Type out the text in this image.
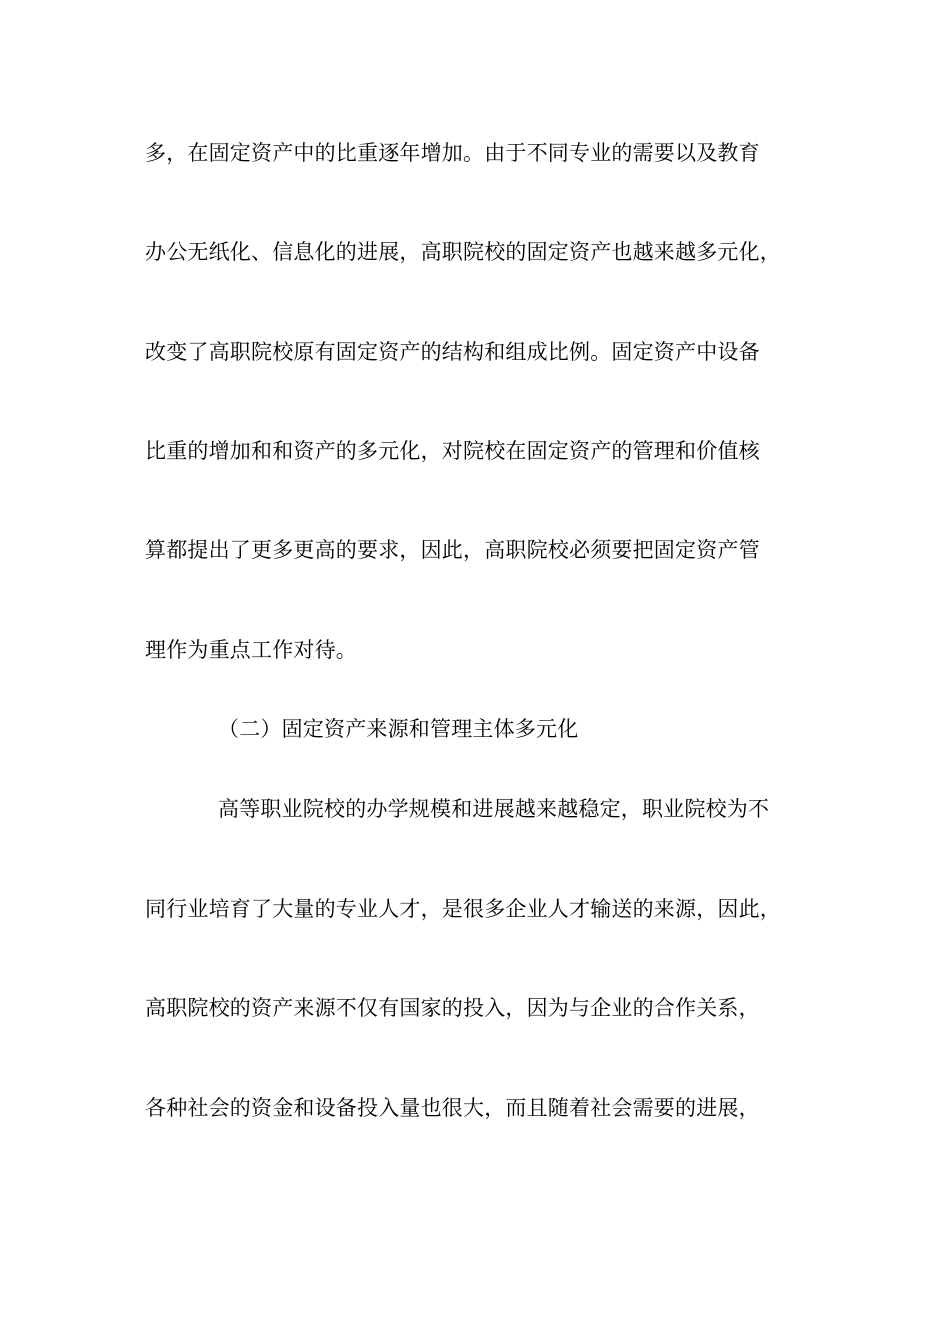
多，在固定资产中的比重逐年增加。由于不同专业的需要以及教育
办公无纸化、信息化的进展，高职院校的固定资产也越来越多元化，
改变了高职院校原有固定资产的结构和组成比例。固定资产中设备
比重的增加和和资产的多元化，对院校在固定资产的管理和价值核
算都提出了更多更高的要求，因此，高职院校必须要把固定资产管
理作为重点工作对待。
（二）固定资产来源和管理主体多元化
高等职业院校的办学规模和进展越来越稳定，职业院校为不
同行业培育了大量的专业人才，是很多企业人才输送的来源，因此，
高职院校的资产来源不仅有国家的投入，因为与企业的合作关系，
各种社会的资金和设备投入量也很大，而且随着社会需要的进展，
